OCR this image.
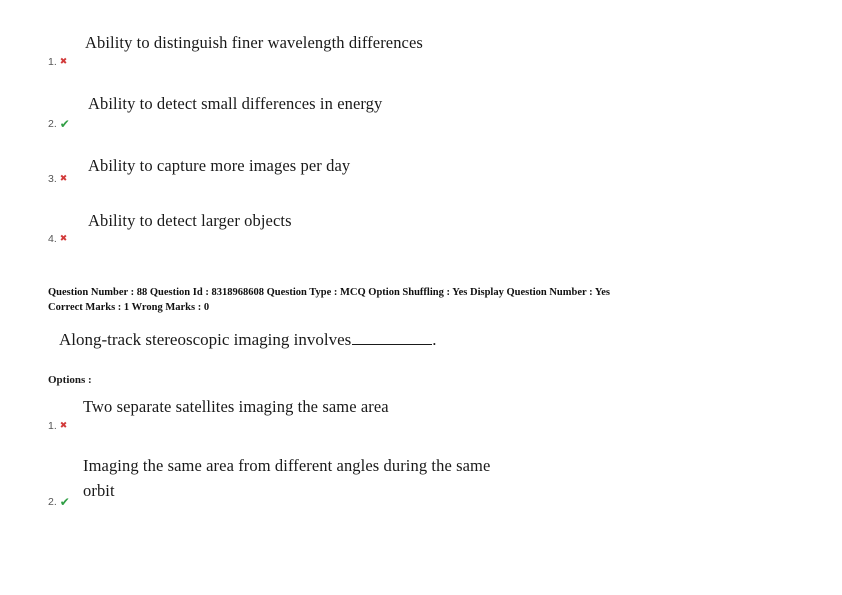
Ability to distinguish finer wavelength differences
1. ✖
Ability to detect small differences in energy
2. ✔
Ability to capture more images per day
3. ✖
Ability to detect larger objects
4. ✖
Question Number : 88 Question Id : 8318968608 Question Type : MCQ Option Shuffling : Yes Display Question Number : Yes
Correct Marks : 1 Wrong Marks : 0
Along-track stereoscopic imaging involves	.
Options :
Two separate satellites imaging the same area
1. ✖
Imaging the same area from different angles during the same
orbit
2. ✔
